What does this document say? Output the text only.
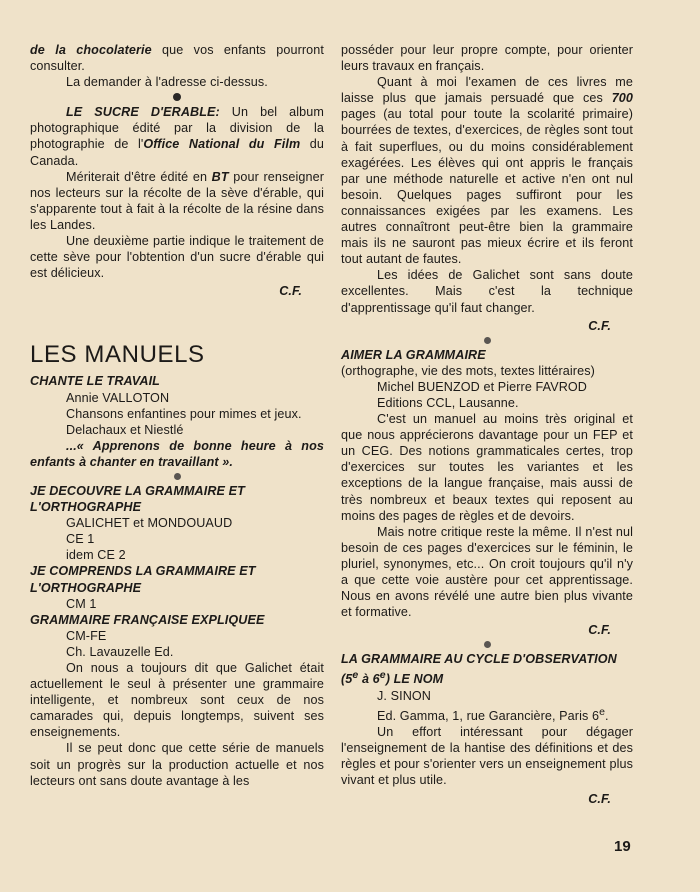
de la chocolaterie que vos enfants pourront consulter.

La demander à l'adresse ci-dessus.

LE SUCRE D'ERABLE: Un bel album photographique édité par la division de la photographie de l'Office National du Film du Canada.

Mériterait d'être édité en BT pour renseigner nos lecteurs sur la récolte de la sève d'érable, qui s'apparente tout à fait à la récolte de la résine dans les Landes.

Une deuxième partie indique le traitement de cette sève pour l'obtention d'un sucre d'érable qui est délicieux.

C.F.

LES MANUELS

CHANTE LE TRAVAIL

Annie VALLOTON

Chansons enfantines pour mimes et jeux.

Delachaux et Niestlé

...« Apprenons de bonne heure à nos

enfants à chanter en travaillant ».

JE DECOUVRE LA GRAMMAIRE ET L'ORTHOGRAPHE

GALICHET et MONDOUAUD

CE 1

idem CE 2

JE COMPRENDS LA GRAMMAIRE ET L'ORTHOGRAPHE

CM 1

GRAMMAIRE FRANÇAISE EXPLIQUEE

CM-FE

Ch. Lavauzelle Ed.

On nous a toujours dit que Galichet était actuellement le seul à présenter une grammaire intelligente, et nombreux sont ceux de nos camarades qui, depuis longtemps, suivent ses enseignements.

Il se peut donc que cette série de manuels soit un progrès sur la production actuelle et nos lecteurs ont sans doute avantage à les

posséder pour leur propre compte, pour orienter leurs travaux en français.

Quant à moi l'examen de ces livres me laisse plus que jamais persuadé que ces 700 pages (au total pour toute la scolarité primaire) bourrées de textes, d'exercices, de règles sont tout à fait superflues, ou du moins considérablement exagérées. Les élèves qui ont appris le français par une méthode naturelle et active n'en ont nul besoin. Quelques pages suffiront pour les connaissances exigées par les examens. Les autres connaîtront peut-être bien la grammaire mais ils ne sauront pas mieux écrire et ils feront tout autant de fautes.

Les idées de Galichet sont sans doute excellentes. Mais c'est la technique d'apprentissage qu'il faut changer.

C.F.

AIMER LA GRAMMAIRE

(orthographe, vie des mots, textes littéraires)

Michel BUENZOD et Pierre FAVROD

Editions CCL, Lausanne.

C'est un manuel au moins très original et que nous apprécierons davantage pour un FEP et un CEG. Des notions grammaticales certes, trop d'exercices sur toutes les variantes et les exceptions de la langue française, mais aussi de très nombreux et beaux textes qui reposent au moins des pages de règles et de devoirs.

Mais notre critique reste la même. Il n'est nul besoin de ces pages d'exercices sur le féminin, le pluriel, synonymes, etc... On croit toujours qu'il n'y a que cette voie austère pour cet apprentissage. Nous en avons révélé une autre bien plus vivante et formative.

C.F.

LA GRAMMAIRE AU CYCLE D'OBSERVATION

(5e à 6e) LE NOM

J. SINON

Ed. Gamma, 1, rue Garancière, Paris 6e.

Un effort intéressant pour dégager l'enseignement de la hantise des définitions et des règles et pour s'orienter vers un enseignement plus vivant et plus utile.

C.F.

19
